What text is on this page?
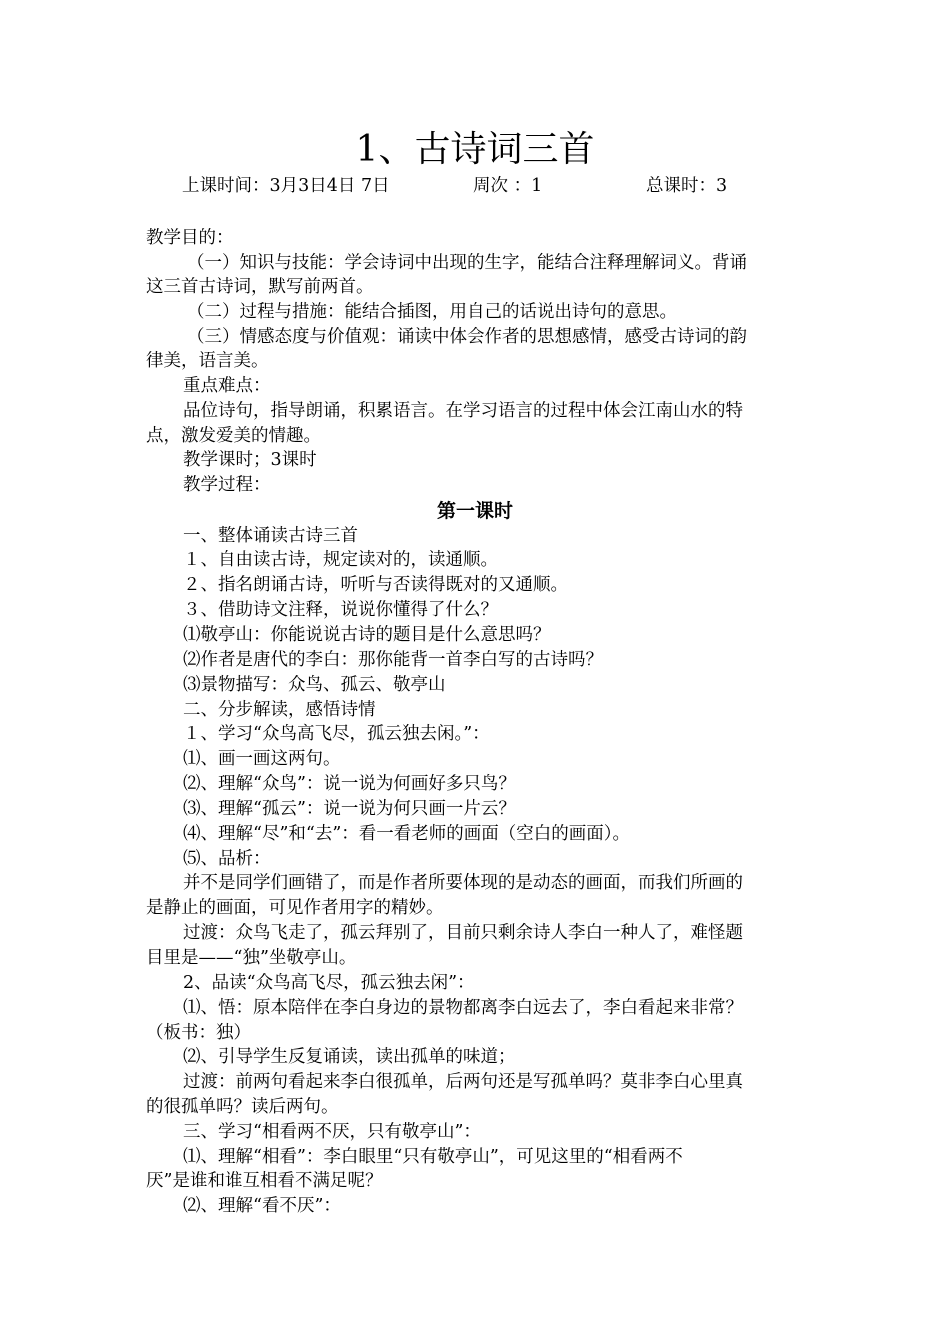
1、古诗词三首
上课时间：3月3日4日 7日	周次 ：1	总课时：3
教学目的：
（一）知识与技能：学会诗词中出现的生字，能结合注释理解词义。背诵
这三首古诗词，默写前两首。
（二）过程与措施：能结合插图，用自己的话说出诗句的意思。
（三）情感态度与价值观：诵读中体会作者的思想感情，感受古诗词的韵
律美，语言美。
重点难点：
品位诗句，指导朗诵，积累语言。在学习语言的过程中体会江南山水的特
点，激发爱美的情趣。
教学课时；3课时
教学过程：
第一课时
一、整体诵读古诗三首
１、自由读古诗，规定读对的，读通顺。
２、指名朗诵古诗，听听与否读得既对的又通顺。
３、借助诗文注释，说说你懂得了什么？
⑴敬亭山：你能说说古诗的题目是什么意思吗？
⑵作者是唐代的李白：那你能背一首李白写的古诗吗？
⑶景物描写：众鸟、孤云、敬亭山
二、分步解读，感悟诗情
１、学习“众鸟高飞尽，孤云独去闲。”：
⑴、画一画这两句。
⑵、理解“众鸟”：说一说为何画好多只鸟？
⑶、理解“孤云”：说一说为何只画一片云？
⑷、理解“尽”和“去”：看一看老师的画面（空白的画面）。
⑸、品析：
并不是同学们画错了，而是作者所要体现的是动态的画面，而我们所画的
是静止的画面，可见作者用字的精妙。
过渡：众鸟飞走了，孤云拜别了，目前只剩余诗人李白一种人了，难怪题
目里是——“独”坐敬亭山。
2、品读“众鸟高飞尽，孤云独去闲”：
⑴、悟：原本陪伴在李白身边的景物都离李白远去了，李白看起来非常？
（板书：独）
⑵、引导学生反复诵读，读出孤单的味道；
过渡：前两句看起来李白很孤单，后两句还是写孤单吗？莫非李白心里真
的很孤单吗？读后两句。
三、学习“相看两不厌，只有敬亭山”：
⑴、理解“相看”：李白眼里“只有敬亭山”，可见这里的“相看两不
厌”是谁和谁互相看不满足呢？
⑵、理解“看不厌”：
